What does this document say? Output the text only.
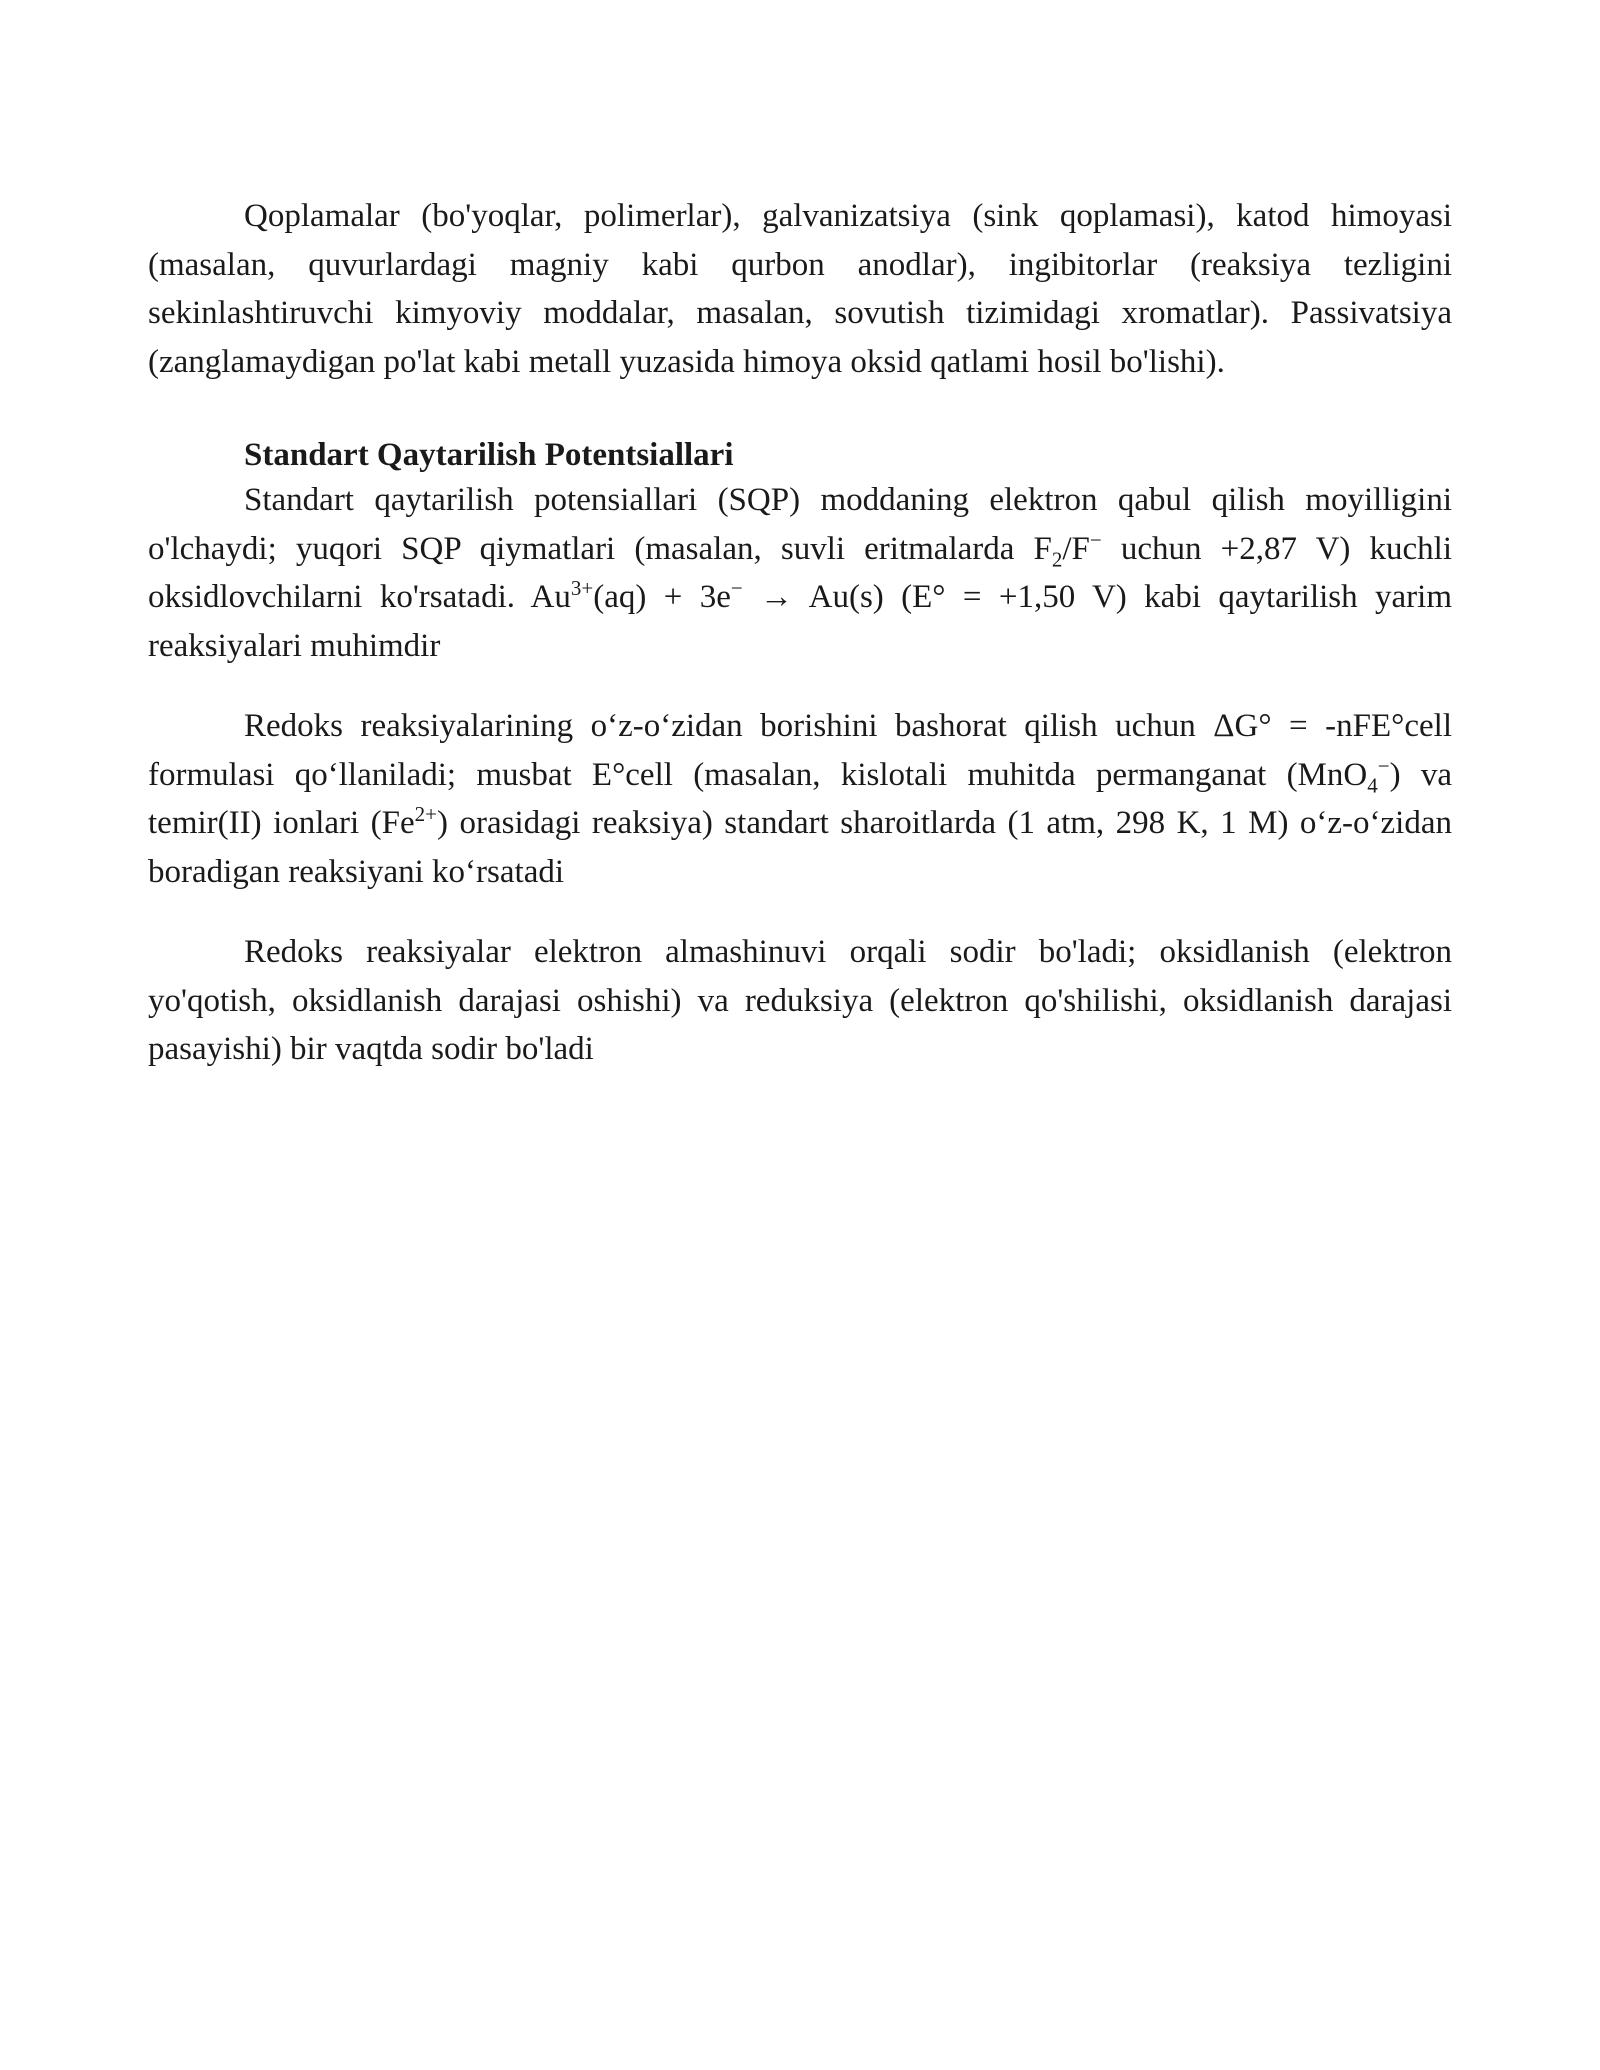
Qoplamalar (bo'yoqlar, polimerlar), galvanizatsiya (sink qoplamasi), katod himoyasi (masalan, quvurlardagi magniy kabi qurbon anodlar), ingibitorlar (reaksiya tezligini sekinlashtiruvchi kimyoviy moddalar, masalan, sovutish tizimidagi xromatlar). Passivatsiya (zanglamaydigan po'lat kabi metall yuzasida himoya oksid qatlami hosil bo'lishi).

Standart Qaytarilish Potentsiallari

Standart qaytarilish potensiallari (SQP) moddaning elektron qabul qilish moyilligini o'lchaydi; yuqori SQP qiymatlari (masalan, suvli eritmalarda $F_2/F^-$ uchun +2,87 V) kuchli oksidlovchilarni ko'rsatadi. $Au^{3+}(aq) + 3e^- \to Au(s) (E^\circ = +1,50$ V) kabi qaytarilish yarim reaksiyalari muhimdir

Redoks reaksiyalarining o‘z-o‘zidan borishini bashorat qilish uchun ΔG° = -nFE°cell formulasi qo‘llaniladi; musbat E°cell (masalan, kislotali muhitda permanganat (MnO$_4$−) va temir(II) ionlari $(Fe^{2+})$ orasidagi reaksiya) standart sharoitlarda (1 atm, 298 K, 1 M) o‘z-o‘zidan boradigan reaksiyani ko‘rsatadi

Redoks reaksiyalar elektron almashinuvi orqali sodir bo'ladi; oksidlanish (elektron yo'qotish, oksidlanish darajasi oshishi) va reduksiya (elektron qo'shilishi, oksidlanish darajasi pasayishi) bir vaqtda sodir bo'ladi
